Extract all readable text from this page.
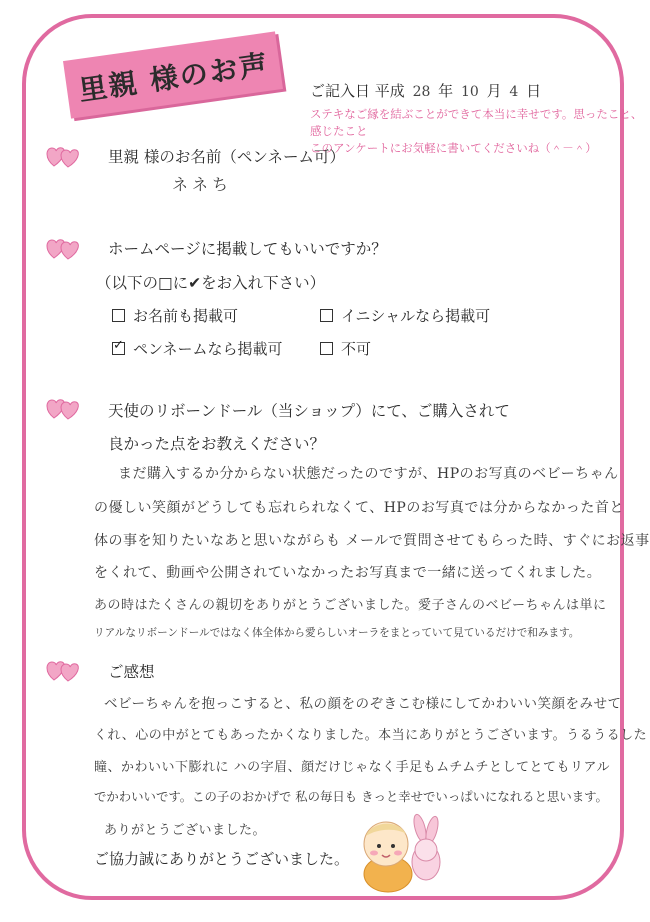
里親 様のお声	ご記入日 平成 28 年 10 月 4 日
ステキなご縁を結ぶことができて本当に幸せです。思ったこと、感じたこと
このアンケートにお気軽に書いてくださいね（＾－＾）
里親 様のお名前（ペンネーム可）
ネネち
ホームページに掲載してもいいですか？
（以下の□に✔をお入れ下さい）
お名前も掲載可	イニシャルなら掲載可
✓ペンネームなら掲載可	不可
天使のリボーンドール（当ショップ）にて、ご購入されて
良かった点をお教えください？
まだ購入するか分からない状態だったのですが、HPのお写真のベビーちゃん
の優しい笑顔がどうしても忘れられなくて、HPのお写真では分からなかった首と
体の事を知りたいなあと思いながらも メールで質問させてもらった時、すぐにお返事
をくれて、動画や公開されていなかったお写真まで一緒に送ってくれました。
あの時はたくさんの親切をありがとうございました。愛子さんのベビーちゃんは単に
リアルなリボーンドールではなく体全体から愛らしいオーラをまとっていて見ているだけで和みます。
ご感想
ベビーちゃんを抱っこすると、私の顔をのぞきこむ様にしてかわいい笑顔をみせて
くれ、心の中がとてもあったかくなりました。本当にありがとうございます。うるうるした
瞳、かわいい下膨れに ハの字眉、顔だけじゃなく手足もムチムチとしてとてもリアル
でかわいいです。この子のおかげで 私の毎日も きっと幸せでいっぱいになれると思います。
ありがとうございました。
ご協力誠にありがとうございました。
